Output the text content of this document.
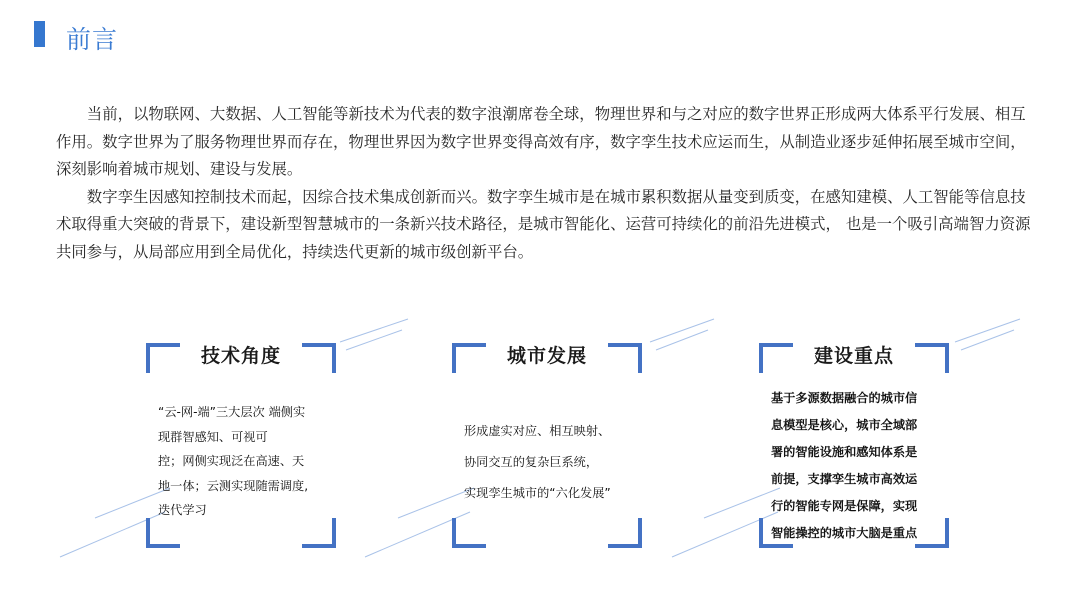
前言

当前，以物联网、大数据、人工智能等新技术为代表的数字浪潮席卷全球，物理世界和与之对应的数字世界正形成两大体系平行发展、相互作用。数字世界为了服务物理世界而存在，物理世界因为数字世界变得高效有序，数字孪生技术应运而生，从制造业逐步延伸拓展至城市空间，深刻影响着城市规划、建设与发展。

数字孪生因感知控制技术而起，因综合技术集成创新而兴。数字孪生城市是在城市累积数据从量变到质变，在感知建模、人工智能等信息技术取得重大突破的背景下，建设新型智慧城市的一条新兴技术路径，是城市智能化、运营可持续化的前沿先进模式， 也是一个吸引高端智力资源共同参与，从局部应用到全局优化，持续迭代更新的城市级创新平台。

技术角度
“云-网-端”三大层次 端侧实
现群智感知、可视可
控；网侧实现泛在高速、天
地一体；云测实现随需调度,
迭代学习
城市发展
形成虚实对应、相互映射、
协同交互的复杂巨系统，
实现孪生城市的“六化发展”
建设重点
基于多源数据融合的城市信
息模型是核心，城市全域部
署的智能设施和感知体系是
前提，支撑孪生城市高效运
行的智能专网是保障，实现
智能操控的城市大脑是重点
